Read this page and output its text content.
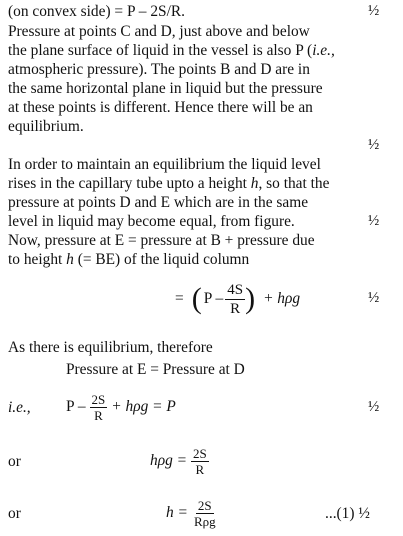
(on convex side) = P – 2S/R.	½
Pressure at points C and D, just above and below
the plane surface of liquid in the vessel is also P (i.e.,
atmospheric pressure). The points B and D are in
the same horizontal plane in liquid but the pressure
at these points is different. Hence there will be an
equilibrium.
½
In order to maintain an equilibrium the liquid level
rises in the capillary tube upto a height h, so that the
pressure at points D and E which are in the same
level in liquid may become equal, from figure.	½
Now, pressure at E = pressure at B + pressure due
to height h (= BE) of the liquid column
= ( P – $\frac{4S}{R}$ ) + hρg	½
As there is equilibrium, therefore
Pressure at E = Pressure at D
i.e., $P - \frac{2S}{R} + h\rho g = P$	½
or	$h\rho g = \frac{2S}{R}$
or	$h = \frac{2S}{\text{Rρg}}$	...(1) ½
